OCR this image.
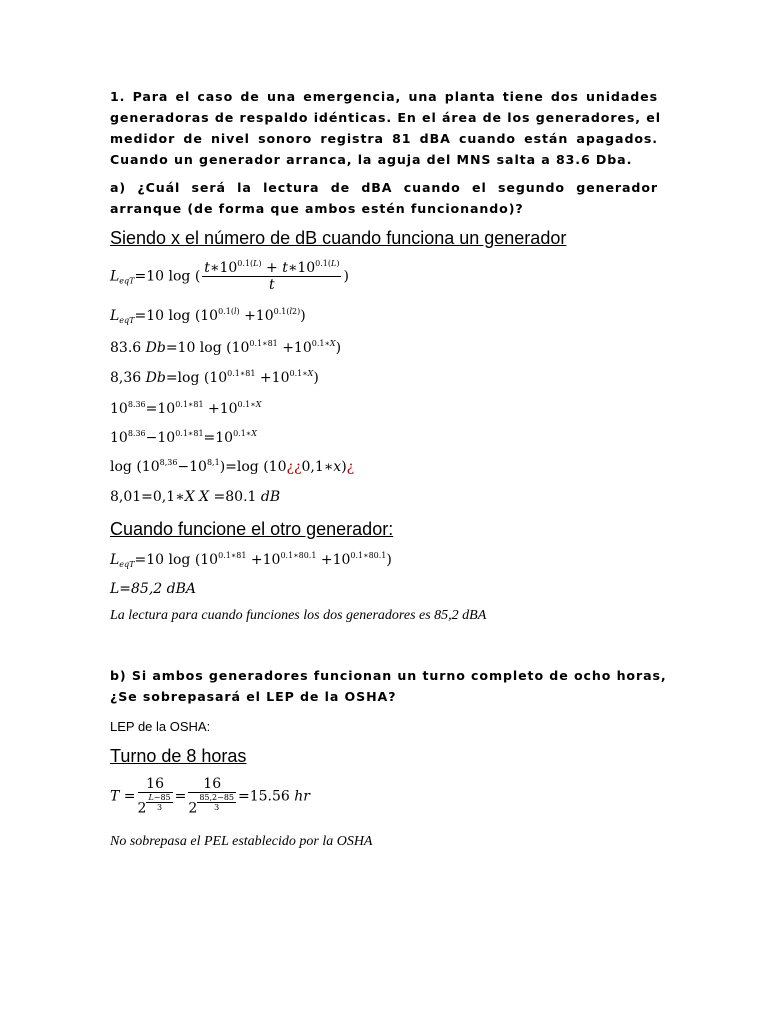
1. Para el caso de una emergencia, una planta tiene dos unidades
generadoras de respaldo idénticas. En el área de los generadores, el
medidor de nivel sonoro registra 81 dBA cuando están apagados.
Cuando un generador arranca, la aguja del MNS salta a 83.6 Dba.
a) ¿Cuál será la lectura de dBA cuando el segundo generador
arranque (de forma que ambos estén funcionando)?
Siendo x el número de dB cuando funciona un generador
$L_{eqT}=10$ log ( $\frac{t∗10^{0.1(L)} + t∗10^{0.1(L)}}{t}$ )
$L_{eqT}=10$ $\log (10^{0.1(l)} +10^{0.1(l2)})$
83.6 Db=10 $\log (10^{0.1∗81} +10^{0.1∗X})$
8,36 Db=log $(10^{0.1∗81} +10^{0.1∗X})$
$10^{8.36}=10^{0.1∗81} +10^{0.1∗X}$
$10^{8.36}-10^{0.1∗81}=10^{0.1∗X}$
$\log (10^{8,36}-10^{8,1})=\log$ (10¿¿0,1∗x)¿
8,01=0,1∗X X =80.1 dB
Cuando funcione el otro generador:
$L_{eqT}=10$ $\log (10^{0.1∗81} +10^{0.1∗80.1} +10^{0.1∗80.1})$
L=85,2 dBA
La lectura para cuando funciones los dos generadores es 85,2 dBA
b) Si ambos generadores funcionan un turno completo de ocho horas,
¿Se sobrepasará el LEP de la OSHA?
LEP de la OSHA:
Turno de 8 horas
T = 16
2 $^{\frac{L-85}{3}}$ = 16
2 $^{\frac{85,2-85}{3}}$ =15.56 hr
No sobrepasa el PEL establecido por la OSHA
